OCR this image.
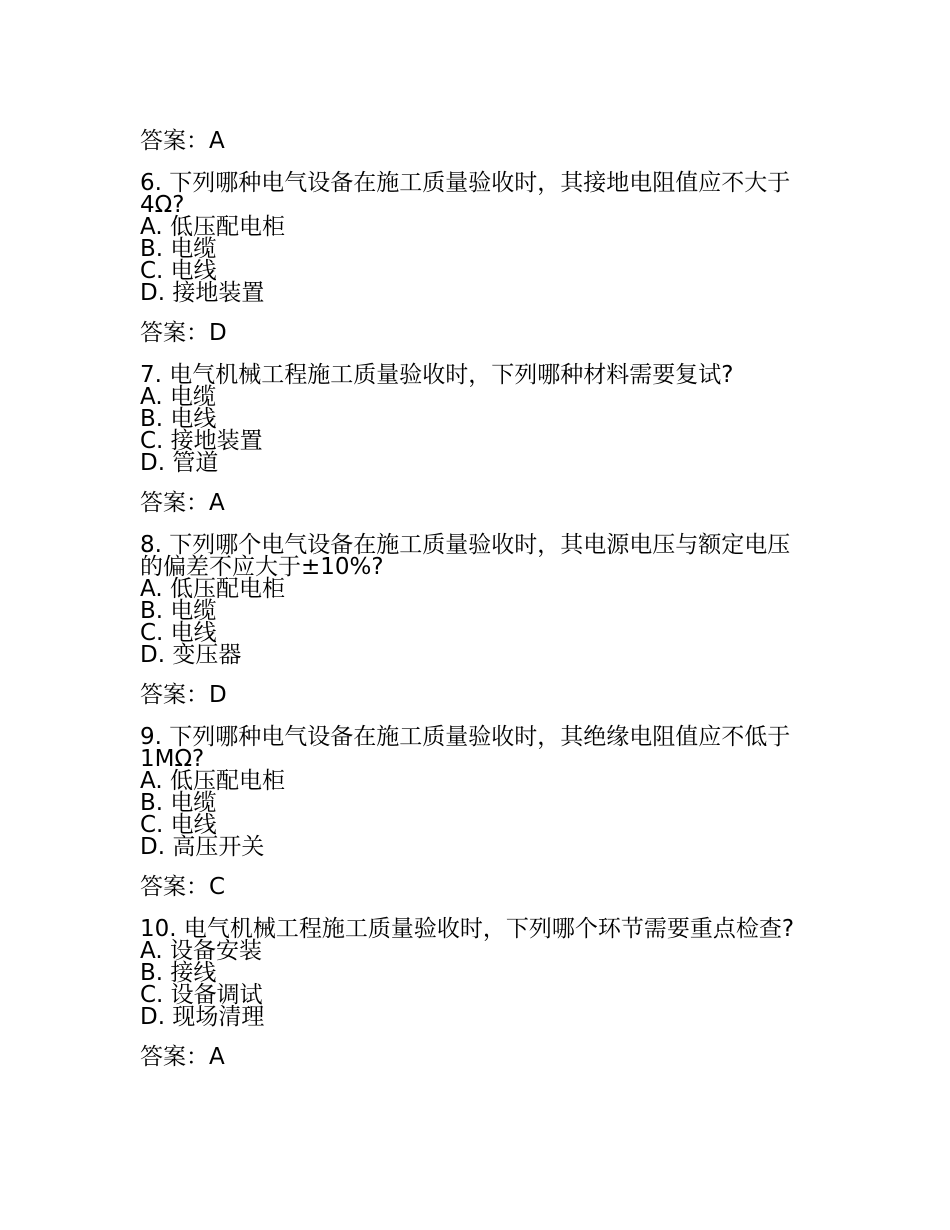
答案：A
6. 下列哪种电气设备在施工质量验收时，其接地电阻值应不大于 4Ω?
A. 低压配电柜
B. 电缆
C. 电线
D. 接地装置
答案：D
7. 电气机械工程施工质量验收时，下列哪种材料需要复试?
A. 电缆
B. 电线
C. 接地装置
D. 管道
答案：A
8. 下列哪个电气设备在施工质量验收时，其电源电压与额定电压的偏差不应大于±10%?
A. 低压配电柜
B. 电缆
C. 电线
D. 变压器
答案：D
9. 下列哪种电气设备在施工质量验收时，其绝缘电阻值应不低于 1MΩ?
A. 低压配电柜
B. 电缆
C. 电线
D. 高压开关
答案：C
10. 电气机械工程施工质量验收时，下列哪个环节需要重点检查?
A. 设备安装
B. 接线
C. 设备调试
D. 现场清理
答案：A
